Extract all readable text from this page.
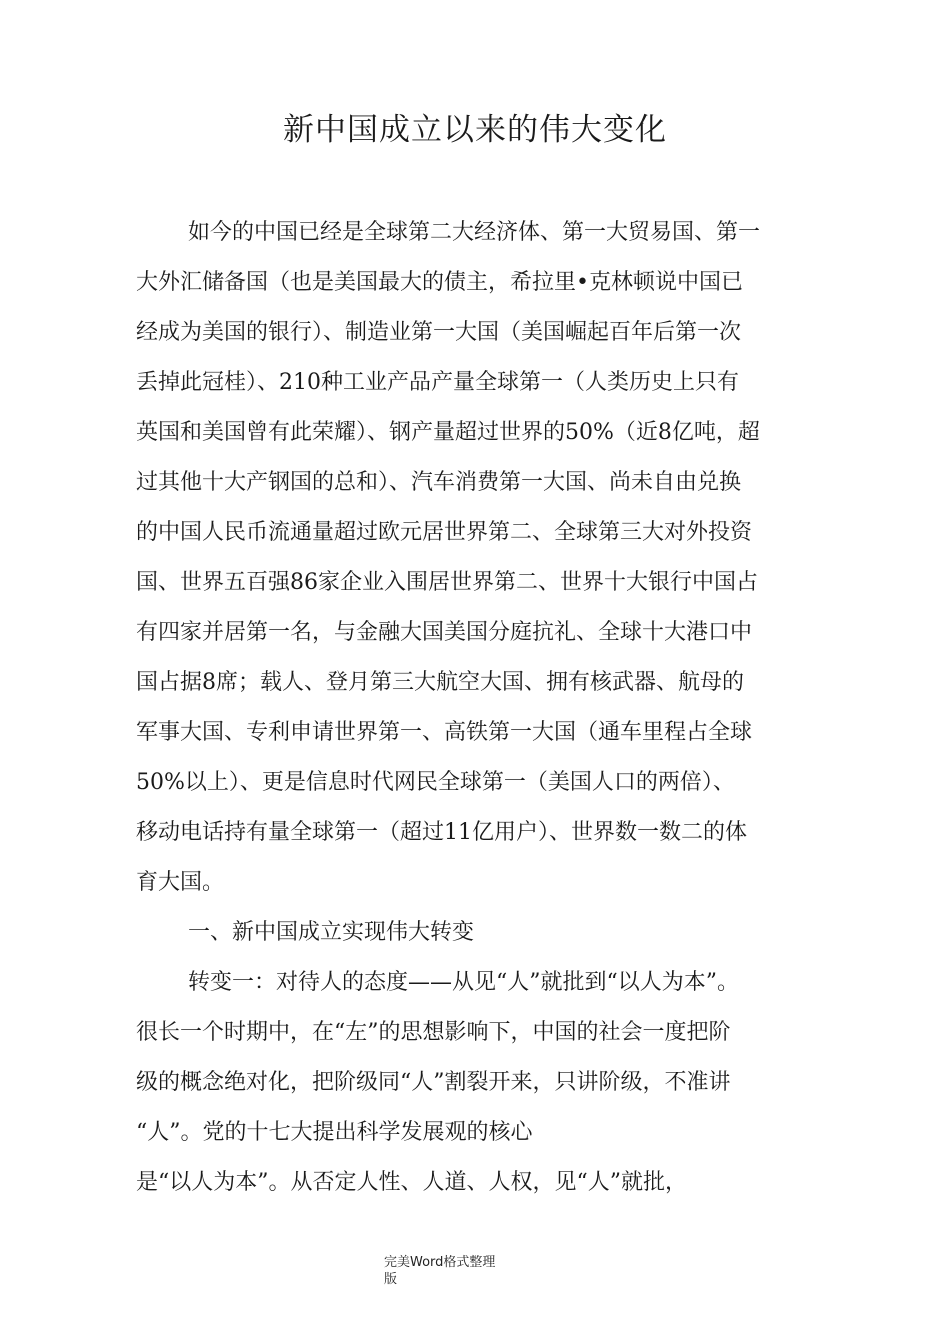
新中国成立以来的伟大变化
如今的中国已经是全球第二大经济体、第一大贸易国、第一
大外汇储备国（也是美国最大的债主，希拉里•克林顿说中国已
经成为美国的银行）、制造业第一大国（美国崛起百年后第一次
丢掉此冠桂）、210种工业产品产量全球第一（人类历史上只有
英国和美国曾有此荣耀）、钢产量超过世界的50%（近8亿吨，超
过其他十大产钢国的总和）、汽车消费第一大国、尚未自由兑换
的中国人民币流通量超过欧元居世界第二、全球第三大对外投资
国、世界五百强86家企业入围居世界第二、世界十大银行中国占
有四家并居第一名，与金融大国美国分庭抗礼、全球十大港口中
国占据8席；载人、登月第三大航空大国、拥有核武器、航母的
军事大国、专利申请世界第一、高铁第一大国（通车里程占全球
50%以上）、更是信息时代网民全球第一（美国人口的两倍）、
移动电话持有量全球第一（超过11亿用户）、世界数一数二的体
育大国。
一、新中国成立实现伟大转变
转变一：对待人的态度——从见“人”就批到“以人为本”。
很长一个时期中，在“左”的思想影响下，中国的社会一度把阶
级的概念绝对化，把阶级同“人”割裂开来，只讲阶级，不准讲
“人”。党的十七大提出科学发展观的核心
是“以人为本”。从否定人性、人道、人权，见“人”就批，
完美Word格式整理
版
